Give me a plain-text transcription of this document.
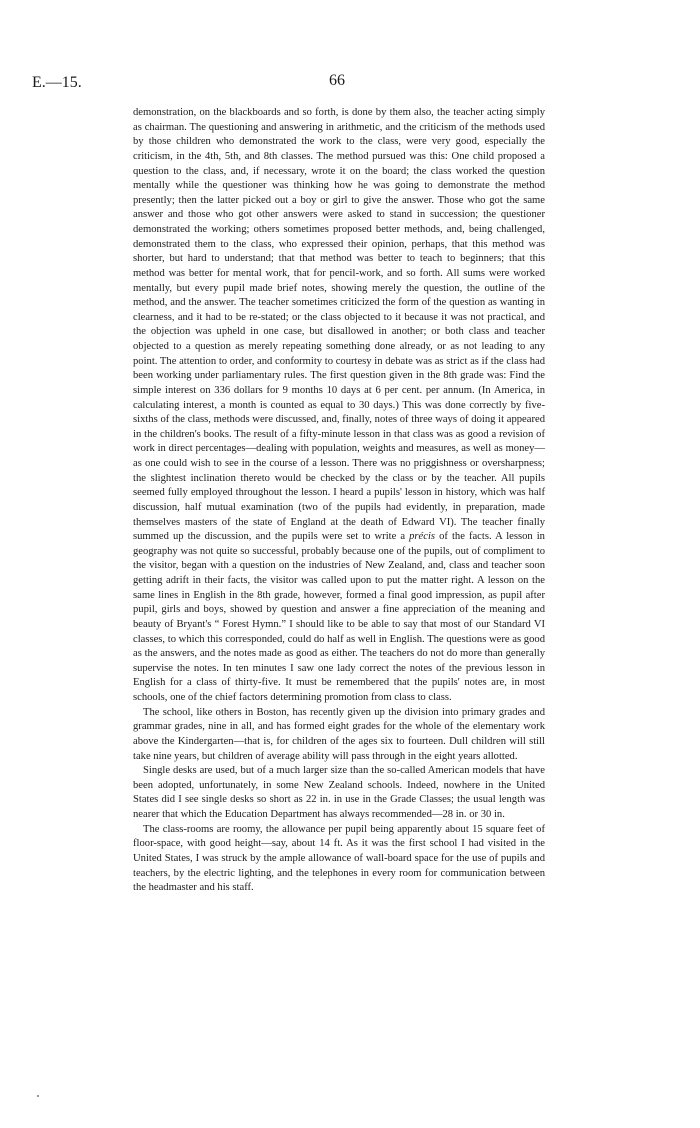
E.—15.	66

demonstration, on the blackboards and so forth, is done by them also, the teacher acting simply as chairman. The questioning and answering in arithmetic, and the criticism of the methods used by those children who demonstrated the work to the class, were very good, especially the criticism, in the 4th, 5th, and 8th classes. The method pursued was this: One child proposed a question to the class, and, if necessary, wrote it on the board; the class worked the question mentally while the questioner was thinking how he was going to demonstrate the method presently; then the latter picked out a boy or girl to give the answer. Those who got the same answer and those who got other answers were asked to stand in succession; the questioner demonstrated the working; others sometimes proposed better methods, and, being challenged, demonstrated them to the class, who expressed their opinion, perhaps, that this method was shorter, but hard to understand; that that method was better to teach to beginners; that this method was better for mental work, that for pencil-work, and so forth. All sums were worked mentally, but every pupil made brief notes, showing merely the question, the outline of the method, and the answer. The teacher sometimes criticized the form of the question as wanting in clearness, and it had to be re-stated; or the class objected to it because it was not practical, and the objection was upheld in one case, but disallowed in another; or both class and teacher objected to a question as merely repeating something done already, or as not leading to any point. The attention to order, and conformity to courtesy in debate was as strict as if the class had been working under parliamentary rules. The first question given in the 8th grade was: Find the simple interest on 336 dollars for 9 months 10 days at 6 per cent. per annum. (In America, in calculating interest, a month is counted as equal to 30 days.) This was done correctly by five-sixths of the class, methods were discussed, and, finally, notes of three ways of doing it appeared in the children's books. The result of a fifty-minute lesson in that class was as good a revision of work in direct percentages—dealing with population, weights and measures, as well as money—as one could wish to see in the course of a lesson. There was no priggishness or oversharpness; the slightest inclination thereto would be checked by the class or by the teacher. All pupils seemed fully employed throughout the lesson. I heard a pupils' lesson in history, which was half discussion, half mutual examination (two of the pupils had evidently, in preparation, made themselves masters of the state of England at the death of Edward VI). The teacher finally summed up the discussion, and the pupils were set to write a précis of the facts. A lesson in geography was not quite so successful, probably because one of the pupils, out of compliment to the visitor, began with a question on the industries of New Zealand, and, class and teacher soon getting adrift in their facts, the visitor was called upon to put the matter right. A lesson on the same lines in English in the 8th grade, however, formed a final good impression, as pupil after pupil, girls and boys, showed by question and answer a fine appreciation of the meaning and beauty of Bryant's “ Forest Hymn.” I should like to be able to say that most of our Standard VI classes, to which this corresponded, could do half as well in English. The questions were as good as the answers, and the notes made as good as either. The teachers do not do more than generally supervise the notes. In ten minutes I saw one lady correct the notes of the previous lesson in English for a class of thirty-five. It must be remembered that the pupils' notes are, in most schools, one of the chief factors determining promotion from class to class.

The school, like others in Boston, has recently given up the division into primary grades and grammar grades, nine in all, and has formed eight grades for the whole of the elementary work above the Kindergarten—that is, for children of the ages six to fourteen. Dull children will still take nine years, but children of average ability will pass through in the eight years allotted.

Single desks are used, but of a much larger size than the so-called American models that have been adopted, unfortunately, in some New Zealand schools. Indeed, nowhere in the United States did I see single desks so short as 22 in. in use in the Grade Classes; the usual length was nearer that which the Education Department has always recommended—28 in. or 30 in.

The class-rooms are roomy, the allowance per pupil being apparently about 15 square feet of floor-space, with good height—say, about 14 ft. As it was the first school I had visited in the United States, I was struck by the ample allowance of wall-board space for the use of pupils and teachers, by the electric lighting, and the telephones in every room for communication between the headmaster and his staff.
